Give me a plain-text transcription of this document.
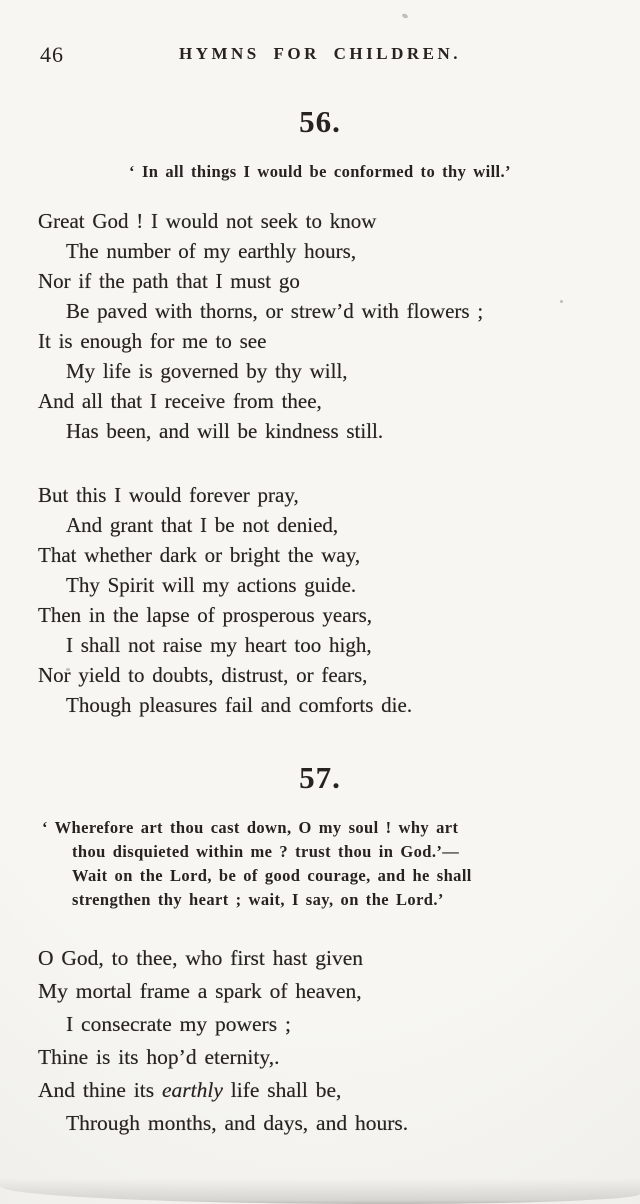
46	HYMNS FOR CHILDREN.
56.
‘ In all things I would be conformed to thy will.’
Great God ! I would not seek to know
The number of my earthly hours,
Nor if the path that I must go
Be paved with thorns, or strew’d with flowers ;
It is enough for me to see
My life is governed by thy will,
And all that I receive from thee,
Has been, and will be kindness still.
But this I would forever pray,
And grant that I be not denied,
That whether dark or bright the way,
Thy Spirit will my actions guide.
Then in the lapse of prosperous years,
I shall not raise my heart too high,
Nor yield to doubts, distrust, or fears,
Though pleasures fail and comforts die.
57.
‘ Wherefore art thou cast down, O my soul ! why art
thou disquieted within me ? trust thou in God.’—
Wait on the Lord, be of good courage, and he shall
strengthen thy heart ; wait, I say, on the Lord.’
O God, to thee, who first hast given
My mortal frame a spark of heaven,
I consecrate my powers ;
Thine is its hop’d eternity,.
And thine its earthly life shall be,
Through months, and days, and hours.
